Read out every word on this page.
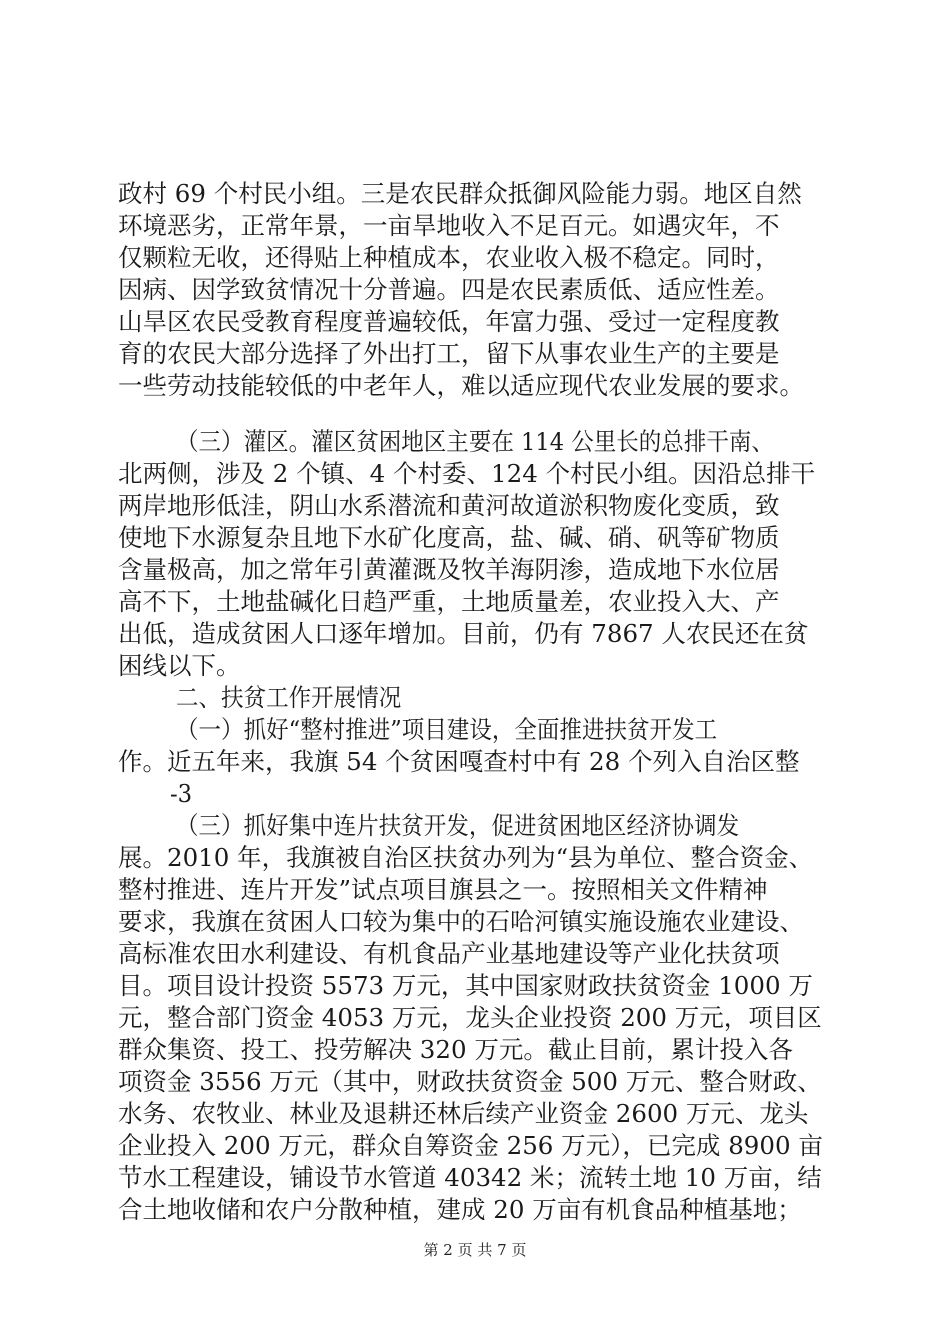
政村 69 个村民小组。三是农民群众抵御风险能力弱。地区自然
环境恶劣，正常年景，一亩旱地收入不足百元。如遇灾年，不
仅颗粒无收，还得贴上种植成本，农业收入极不稳定。同时，
因病、因学致贫情况十分普遍。四是农民素质低、适应性差。
山旱区农民受教育程度普遍较低，年富力强、受过一定程度教
育的农民大部分选择了外出打工，留下从事农业生产的主要是
一些劳动技能较低的中老年人，难以适应现代农业发展的要求。
（三）灌区。灌区贫困地区主要在 114 公里长的总排干南、
北两侧，涉及 2 个镇、4 个村委、124 个村民小组。因沿总排干
两岸地形低洼，阴山水系潜流和黄河故道淤积物废化变质，致
使地下水源复杂且地下水矿化度高，盐、碱、硝、矾等矿物质
含量极高，加之常年引黄灌溉及牧羊海阴渗，造成地下水位居
高不下，土地盐碱化日趋严重，土地质量差，农业投入大、产
出低，造成贫困人口逐年增加。目前，仍有 7867 人农民还在贫
困线以下。
二、扶贫工作开展情况
（一）抓好“整村推进”项目建设，全面推进扶贫开发工
作。近五年来，我旗 54 个贫困嘎查村中有 28 个列入自治区整
-3
（三）抓好集中连片扶贫开发，促进贫困地区经济协调发
展。2010 年，我旗被自治区扶贫办列为“县为单位、整合资金、
整村推进、连片开发”试点项目旗县之一。按照相关文件精神
要求，我旗在贫困人口较为集中的石哈河镇实施设施农业建设、
高标准农田水利建设、有机食品产业基地建设等产业化扶贫项
目。项目设计投资 5573 万元，其中国家财政扶贫资金 1000 万
元，整合部门资金 4053 万元，龙头企业投资 200 万元，项目区
群众集资、投工、投劳解决 320 万元。截止目前，累计投入各
项资金 3556 万元（其中，财政扶贫资金 500 万元、整合财政、
水务、农牧业、林业及退耕还林后续产业资金 2600 万元、龙头
企业投入 200 万元，群众自筹资金 256 万元），已完成 8900 亩
节水工程建设，铺设节水管道 40342 米；流转土地 10 万亩，结
合土地收储和农户分散种植，建成 20 万亩有机食品种植基地；
第 2 页 共 7 页
